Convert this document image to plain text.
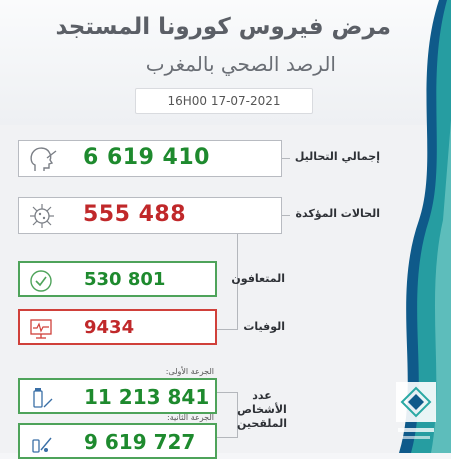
مرض فيروس كورونا المستجد
الرصد الصحي بالمغرب
16H00 17-07-2021
6 619 410	إجمالي التحاليل
555 488	الحالات المؤكدة
530 801	المتعافون
9434	الوفيات
الجرعة الأولى:
11 213 841
الجرعة الثانية:
9 619 727
عدد
الأشخاص
الملقحين
